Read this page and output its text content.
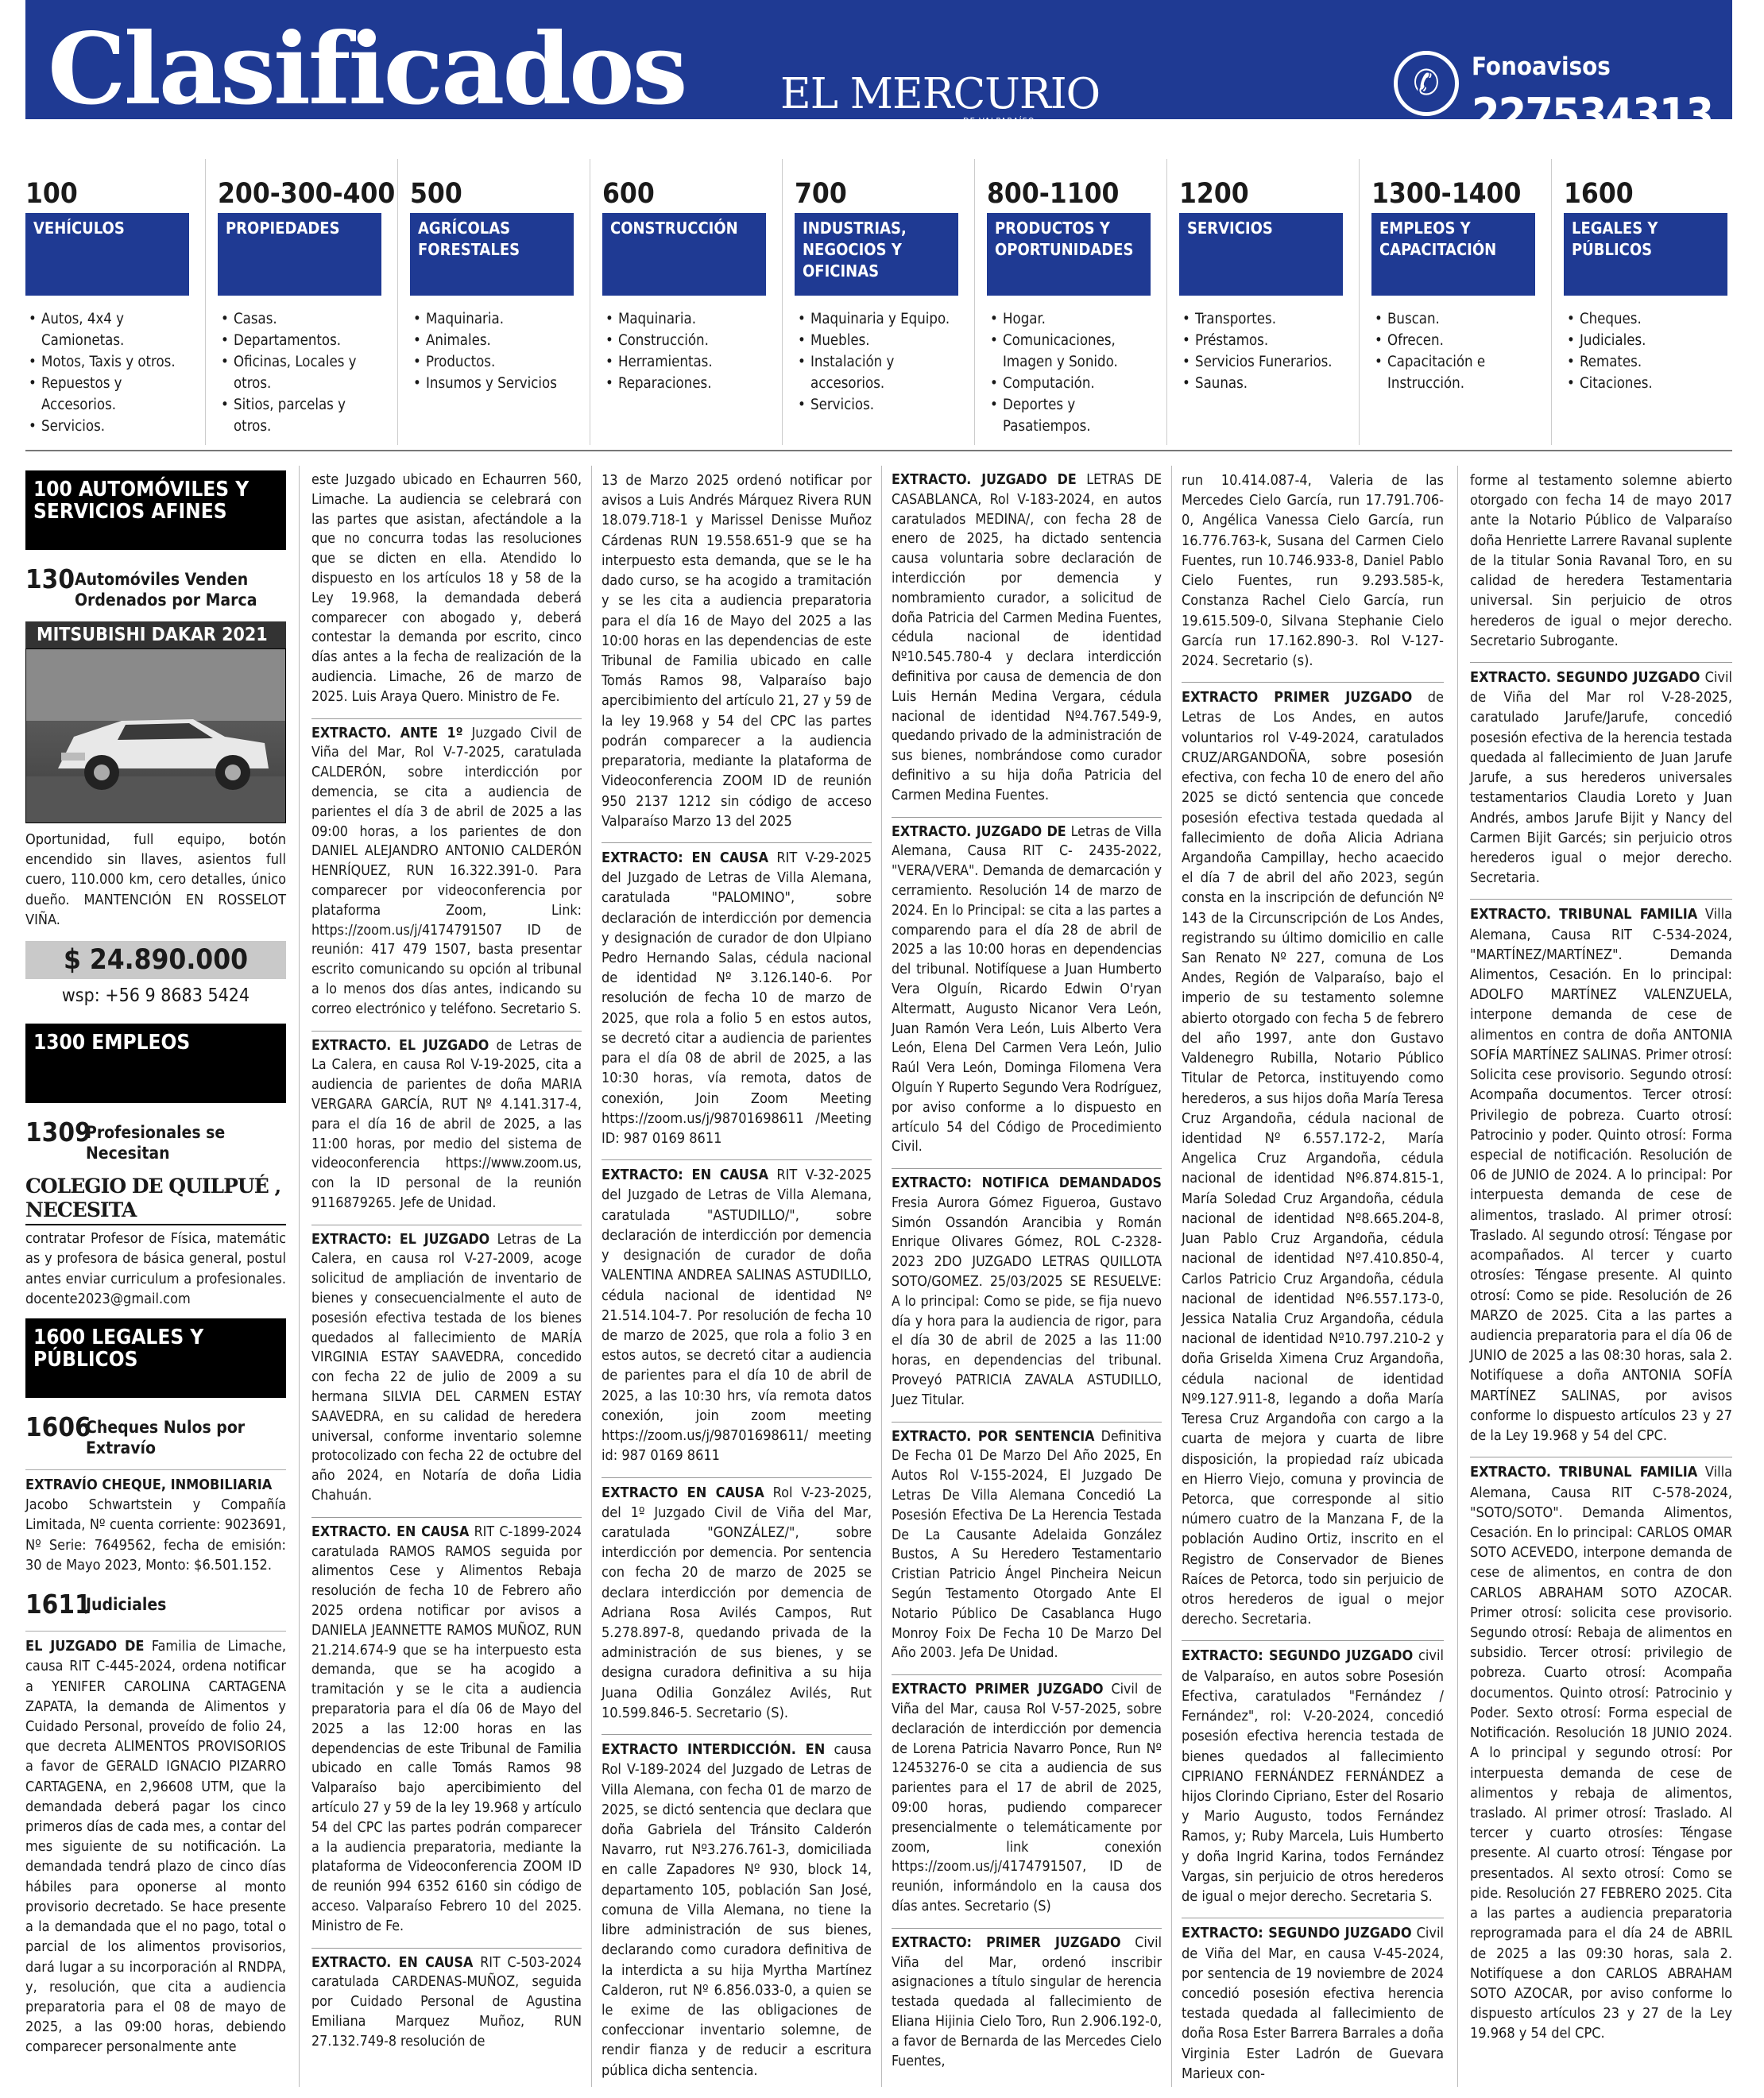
Clasificados EL MERCURIO
DE VALPARAÍSO
✆	Fonoavisos
227534313
100
VEHÍCULOS
• Autos, 4x4 y Camionetas.
• Motos, Taxis y otros.
• Repuestos y Accesorios.
• Servicios.
200-300-400
PROPIEDADES
• Casas.
• Departamentos.
• Oficinas, Locales y otros.
• Sitios, parcelas y otros.
500
AGRÍCOLAS FORESTALES
• Maquinaria.
• Animales.
• Productos.
• Insumos y Servicios
600
CONSTRUCCIÓN
• Maquinaria.
• Construcción.
• Herramientas.
• Reparaciones.
700
INDUSTRIAS, NEGOCIOS Y OFICINAS
• Maquinaria y Equipo.
• Muebles.
• Instalación y accesorios.
• Servicios.
800-1100
PRODUCTOS Y OPORTUNIDADES
• Hogar.
• Comunicaciones, Imagen y Sonido.
• Computación.
• Deportes y Pasatiempos.
1200
SERVICIOS
• Transportes.
• Préstamos.
• Servicios Funerarios.
• Saunas.
1300-1400
EMPLEOS Y CAPACITACIÓN
• Buscan.
• Ofrecen.
• Capacitación e Instrucción.
1600
LEGALES Y PÚBLICOS
• Cheques.
• Judiciales.
• Remates.
• Citaciones.
100 AUTOMÓVILES Y SERVICIOS AFINES
130 Automóviles Venden Ordenados por Marca
MITSUBISHI DAKAR 2021

Oportunidad, full equipo, botón encendido sin llaves, asientos full cuero, 110.000 km, cero detalles, único dueño. MANTENCIÓN EN ROSSELOT VIÑA.

$ 24.890.000
wsp: +56 9 8683 5424
1300 EMPLEOS
1309
Profesionales se Necesitan
COLEGIO DE QUILPUÉ , NECESITA

contratar Profesor de Física, matemáticas y profesora de básica general, postulantes enviar curriculum a profesionales.docente2023@gmail.com

1600 LEGALES Y PÚBLICOS
1606
Cheques Nulos por Extravío

EXTRAVÍO CHEQUE, INMOBILIARIA

Jacobo Schwartstein y Compañía Limitada, Nº cuenta corriente: 9023691, Nº Serie: 7649562, fecha de emisión: 30 de Mayo 2023, Monto: $6.501.152.

1611
Judiciales

EL JUZGADO DE Familia de Limache, causa RIT C-445-2024, ordena notificar a YENIFER CAROLINA CARTAGENA ZAPATA, la demanda de Alimentos y Cuidado Personal, proveído de folio 24, que decreta ALIMENTOS PROVISORIOS a favor de GERALD IGNACIO PIZARRO CARTAGENA, en 2,96608 UTM, que la demandada deberá pagar los cinco primeros días de cada mes, a contar del mes siguiente de su notificación. La demandada tendrá plazo de cinco días hábiles para oponerse al monto provisorio decretado. Se hace presente a la demandada que el no pago, total o parcial de los alimentos provisorios, dará lugar a su incorporación al RNDPA, y, resolución, que cita a audiencia preparatoria para el 08 de mayo de 2025, a las 09:00 horas, debiendo comparecer personalmente ante

este Juzgado ubicado en Echaurren 560, Limache. La audiencia se celebrará con las partes que asistan, afectándole a la que no concurra todas las resoluciones que se dicten en ella. Atendido lo dispuesto en los artículos 18 y 58 de la Ley 19.968, la demandada deberá comparecer con abogado y, deberá contestar la demanda por escrito, cinco días antes a la fecha de realización de la audiencia. Limache, 26 de marzo de 2025. Luis Araya Quero. Ministro de Fe.

EXTRACTO. ANTE 1º Juzgado Civil de Viña del Mar, Rol V-7-2025, caratulada CALDERÓN, sobre interdicción por demencia, se cita a audiencia de parientes el día 3 de abril de 2025 a las 09:00 horas, a los parientes de don DANIEL ALEJANDRO ANTONIO CALDERÓN HENRÍQUEZ, RUN 16.322.391-0. Para comparecer por videoconferencia por plataforma Zoom, Link: https://zoom.us/j/4174791507 ID de reunión: 417 479 1507, basta presentar escrito comunicando su opción al tribunal a lo menos dos días antes, indicando su correo electrónico y teléfono. Secretario S.

EXTRACTO. EL JUZGADO de Letras de La Calera, en causa Rol V-19-2025, cita a audiencia de parientes de doña MARIA VERGARA GARCÍA, RUT Nº 4.141.317-4, para el día 16 de abril de 2025, a las 11:00 horas, por medio del sistema de videoconferencia https://www.zoom.us, con la ID personal de la reunión 9116879265. Jefe de Unidad.

EXTRACTO: EL JUZGADO Letras de La Calera, en causa rol V-27-2009, acoge solicitud de ampliación de inventario de bienes y consecuencialmente el auto de posesión efectiva testada de los bienes quedados al fallecimiento de MARÍA VIRGINIA ESTAY SAAVEDRA, concedido con fecha 22 de julio de 2009 a su hermana SILVIA DEL CARMEN ESTAY SAAVEDRA, en su calidad de heredera universal, conforme inventario solemne protocolizado con fecha 22 de octubre del año 2024, en Notaría de doña Lidia Chahuán.

EXTRACTO. EN CAUSA RIT C-1899-2024 caratulada RAMOS RAMOS seguida por alimentos Cese y Alimentos Rebaja resolución de fecha 10 de Febrero año 2025 ordena notificar por avisos a DANIELA JEANNETTE RAMOS MUÑOZ, RUN 21.214.674-9 que se ha interpuesto esta demanda, que se ha acogido a tramitación y se le cita a audiencia preparatoria para el día 06 de Mayo del 2025 a las 12:00 horas en las dependencias de este Tribunal de Familia ubicado en calle Tomás Ramos 98 Valparaíso bajo apercibimiento del artículo 27 y 59 de la ley 19.968 y artículo 54 del CPC las partes podrán comparecer a la audiencia preparatoria, mediante la plataforma de Videoconferencia ZOOM ID de reunión 994 6352 6160 sin código de acceso. Valparaíso Febrero 10 del 2025. Ministro de Fe.

EXTRACTO. EN CAUSA RIT C-503-2024 caratulada CARDENAS-MUÑOZ, seguida por Cuidado Personal de Agustina Emiliana Marquez Muñoz, RUN 27.132.749-8 resolución de

13 de Marzo 2025 ordenó notificar por avisos a Luis Andrés Márquez Rivera RUN 18.079.718-1 y Marissel Denisse Muñoz Cárdenas RUN 19.558.651-9 que se ha interpuesto esta demanda, que se le ha dado curso, se ha acogido a tramitación y se les cita a audiencia preparatoria para el día 16 de Mayo del 2025 a las 10:00 horas en las dependencias de este Tribunal de Familia ubicado en calle Tomás Ramos 98, Valparaíso bajo apercibimiento del artículo 21, 27 y 59 de la ley 19.968 y 54 del CPC las partes podrán comparecer a la audiencia preparatoria, mediante la plataforma de Videoconferencia ZOOM ID de reunión 950 2137 1212 sin código de acceso Valparaíso Marzo 13 del 2025

EXTRACTO: EN CAUSA RIT V-29-2025 del Juzgado de Letras de Villa Alemana, caratulada "PALOMINO", sobre declaración de interdicción por demencia y designación de curador de don Ulpiano Pedro Hernando Salas, cédula nacional de identidad Nº 3.126.140-6. Por resolución de fecha 10 de marzo de 2025, que rola a folio 5 en estos autos, se decretó citar a audiencia de parientes para el día 08 de abril de 2025, a las 10:30 horas, vía remota, datos de conexión, Join Zoom Meeting https://zoom.us/j/98701698611 /Meeting ID: 987 0169 8611

EXTRACTO: EN CAUSA RIT V-32-2025 del Juzgado de Letras de Villa Alemana, caratulada "ASTUDILLO/", sobre declaración de interdicción por demencia y designación de curador de doña VALENTINA ANDREA SALINAS ASTUDILLO, cédula nacional de identidad Nº 21.514.104-7. Por resolución de fecha 10 de marzo de 2025, que rola a folio 3 en estos autos, se decretó citar a audiencia de parientes para el día 10 de abril de 2025, a las 10:30 hrs, vía remota datos conexión, join zoom meeting https://zoom.us/j/98701698611/ meeting id: 987 0169 8611

EXTRACTO EN CAUSA Rol V-23-2025, del 1º Juzgado Civil de Viña del Mar, caratulada "GONZÁLEZ/", sobre interdicción por demencia. Por sentencia con fecha 20 de marzo de 2025 se declara interdicción por demencia de Adriana Rosa Avilés Campos, Rut 5.278.897-8, quedando privada de la administración de sus bienes, y se designa curadora definitiva a su hija Juana Odilia González Avilés, Rut 10.599.846-5. Secretario (S).

EXTRACTO INTERDICCIÓN. EN causa Rol V-189-2024 del Juzgado de Letras de Villa Alemana, con fecha 01 de marzo de 2025, se dictó sentencia que declara que doña Gabriela del Tránsito Calderón Navarro, rut Nº3.276.761-3, domiciliada en calle Zapadores Nº 930, block 14, departamento 105, población San José, comuna de Villa Alemana, no tiene la libre administración de sus bienes, declarando como curadora definitiva de la interdicta a su hija Myrtha Martínez Calderon, rut Nº 6.856.033-0, a quien se le exime de las obligaciones de confeccionar inventario solemne, de rendir fianza y de reducir a escritura pública dicha sentencia.

EXTRACTO. JUZGADO DE LETRAS DE CASABLANCA, Rol V-183-2024, en autos caratulados MEDINA/, con fecha 28 de enero de 2025, ha dictado sentencia causa voluntaria sobre declaración de interdicción por demencia y nombramiento curador, a solicitud de doña Patricia del Carmen Medina Fuentes, cédula nacional de identidad Nº10.545.780-4 y declara interdicción definitiva por causa de demencia de don Luis Hernán Medina Vergara, cédula nacional de identidad Nº4.767.549-9, quedando privado de la administración de sus bienes, nombrándose como curador definitivo a su hija doña Patricia del Carmen Medina Fuentes.

EXTRACTO. JUZGADO DE Letras de Villa Alemana, Causa RIT C- 2435-2022, "VERA/VERA". Demanda de demarcación y cerramiento. Resolución 14 de marzo de 2024. En lo Principal: se cita a las partes a comparendo para el día 28 de abril de 2025 a las 10:00 horas en dependencias del tribunal. Notifíquese a Juan Humberto Vera Olguín, Ricardo Edwin O'ryan Altermatt, Augusto Nicanor Vera León, Juan Ramón Vera León, Luis Alberto Vera León, Elena Del Carmen Vera León, Julio Raúl Vera León, Dominga Filomena Vera Olguín Y Ruperto Segundo Vera Rodríguez, por aviso conforme a lo dispuesto en artículo 54 del Código de Procedimiento Civil.

EXTRACTO: NOTIFICA DEMANDADOS Fresia Aurora Gómez Figueroa, Gustavo Simón Ossandón Arancibia y Román Enrique Olivares Gómez, ROL C-2328-2023 2DO JUZGADO LETRAS QUILLOTA SOTO/GOMEZ. 25/03/2025 SE RESUELVE: A lo principal: Como se pide, se fija nuevo día y hora para la audiencia de rigor, para el día 30 de abril de 2025 a las 11:00 horas, en dependencias del tribunal. Proveyó PATRICIA ZAVALA ASTUDILLO, Juez Titular.

EXTRACTO. POR SENTENCIA Definitiva De Fecha 01 De Marzo Del Año 2025, En Autos Rol V-155-2024, El Juzgado De Letras De Villa Alemana Concedió La Posesión Efectiva De La Herencia Testada De La Causante Adelaida González Bustos, A Su Heredero Testamentario Cristian Patricio Ángel Pincheira Neicun Según Testamento Otorgado Ante El Notario Público De Casablanca Hugo Monroy Foix De Fecha 10 De Marzo Del Año 2003. Jefa De Unidad.

EXTRACTO PRIMER JUZGADO Civil de Viña del Mar, causa Rol V-57-2025, sobre declaración de interdicción por demencia de Lorena Patricia Navarro Ponce, Run Nº 12453276-0 se cita a audiencia de sus parientes para el 17 de abril de 2025, 09:00 horas, pudiendo comparecer presencialmente o telemáticamente por zoom, link conexión https://zoom.us/j/4174791507, ID de reunión, informándolo en la causa dos días antes. Secretario (S)

EXTRACTO: PRIMER JUZGADO Civil Viña del Mar, ordenó inscribir asignaciones a título singular de herencia testada quedada al fallecimiento de Eliana Hijinia Cielo Toro, Run 2.906.192-0, a favor de Bernarda de las Mercedes Cielo Fuentes,

run 10.414.087-4, Valeria de las Mercedes Cielo García, run 17.791.706-0, Angélica Vanessa Cielo García, run 16.776.763-k, Susana del Carmen Cielo Fuentes, run 10.746.933-8, Daniel Pablo Cielo Fuentes, run 9.293.585-k, Constanza Rachel Cielo García, run 19.615.509-0, Silvana Stephanie Cielo García run 17.162.890-3. Rol V-127-2024. Secretario (s).

EXTRACTO PRIMER JUZGADO de Letras de Los Andes, en autos voluntarios rol V-49-2024, caratulados CRUZ/ARGANDOÑA, sobre posesión efectiva, con fecha 10 de enero del año 2025 se dictó sentencia que concede posesión efectiva testada quedada al fallecimiento de doña Alicia Adriana Argandoña Campillay, hecho acaecido el día 7 de abril del año 2023, según consta en la inscripción de defunción Nº 143 de la Circunscripción de Los Andes, registrando su último domicilio en calle San Renato Nº 227, comuna de Los Andes, Región de Valparaíso, bajo el imperio de su testamento solemne abierto otorgado con fecha 5 de febrero del año 1997, ante don Gustavo Valdenegro Rubilla, Notario Público Titular de Petorca, instituyendo como herederos, a sus hijos doña María Teresa Cruz Argandoña, cédula nacional de identidad Nº 6.557.172-2, María Angelica Cruz Argandoña, cédula nacional de identidad Nº6.874.815-1, María Soledad Cruz Argandoña, cédula nacional de identidad Nº8.665.204-8, Juan Pablo Cruz Argandoña, cédula nacional de identidad Nº7.410.850-4, Carlos Patricio Cruz Argandoña, cédula nacional de identidad Nº6.557.173-0, Jessica Natalia Cruz Argandoña, cédula nacional de identidad Nº10.797.210-2 y doña Griselda Ximena Cruz Argandoña, cédula nacional de identidad Nº9.127.911-8, legando a doña María Teresa Cruz Argandoña con cargo a la cuarta de mejora y cuarta de libre disposición, la propiedad raíz ubicada en Hierro Viejo, comuna y provincia de Petorca, que corresponde al sitio número cuatro de la Manzana F, de la población Audino Ortiz, inscrito en el Registro de Conservador de Bienes Raíces de Petorca, todo sin perjuicio de otros herederos de igual o mejor derecho. Secretaria.

EXTRACTO: SEGUNDO JUZGADO civil de Valparaíso, en autos sobre Posesión Efectiva, caratulados "Fernández / Fernández", rol: V-20-2024, concedió posesión efectiva herencia testada de bienes quedados al fallecimiento CIPRIANO FERNÁNDEZ FERNÁNDEZ a hijos Clorindo Cipriano, Ester del Rosario y Mario Augusto, todos Fernández Ramos, y; Ruby Marcela, Luis Humberto y doña Ingrid Karina, todos Fernández Vargas, sin perjuicio de otros herederos de igual o mejor derecho. Secretaria S.

EXTRACTO: SEGUNDO JUZGADO Civil de Viña del Mar, en causa V-45-2024, por sentencia de 19 noviembre de 2024 concedió posesión efectiva herencia testada quedada al fallecimiento de doña Rosa Ester Barrera Barrales a doña Virginia Ester Ladrón de Guevara Marieux con-

forme al testamento solemne abierto otorgado con fecha 14 de mayo 2017 ante la Notario Público de Valparaíso doña Henriette Larrere Ravanal suplente de la titular Sonia Ravanal Toro, en su calidad de heredera Testamentaria universal. Sin perjuicio de otros herederos de igual o mejor derecho. Secretario Subrogante.

EXTRACTO. SEGUNDO JUZGADO Civil de Viña del Mar rol V-28-2025, caratulado Jarufe/Jarufe, concedió posesión efectiva de la herencia testada quedada al fallecimiento de Juan Jarufe Jarufe, a sus herederos universales testamentarios Claudia Loreto y Juan Andrés, ambos Jarufe Bijit y Nancy del Carmen Bijit Garcés; sin perjuicio otros herederos igual o mejor derecho. Secretaria.

EXTRACTO. TRIBUNAL FAMILIA Villa Alemana, Causa RIT C-534-2024, "MARTÍNEZ/MARTÍNEZ". Demanda Alimentos, Cesación. En lo principal: ADOLFO MARTÍNEZ VALENZUELA, interpone demanda de cese de alimentos en contra de doña ANTONIA SOFÍA MARTÍNEZ SALINAS. Primer otrosí: Solicita cese provisorio. Segundo otrosí: Acompaña documentos. Tercer otrosí: Privilegio de pobreza. Cuarto otrosí: Patrocinio y poder. Quinto otrosí: Forma especial de notificación. Resolución de 06 de JUNIO de 2024. A lo principal: Por interpuesta demanda de cese de alimentos, traslado. Al primer otrosí: Traslado. Al segundo otrosí: Téngase por acompañados. Al tercer y cuarto otrosíes: Téngase presente. Al quinto otrosí: Como se pide. Resolución de 26 MARZO de 2025. Cita a las partes a audiencia preparatoria para el día 06 de JUNIO de 2025 a las 08:30 horas, sala 2. Notifíquese a doña ANTONIA SOFÍA MARTÍNEZ SALINAS, por avisos conforme lo dispuesto artículos 23 y 27 de la Ley 19.968 y 54 del CPC.

EXTRACTO. TRIBUNAL FAMILIA Villa Alemana, Causa RIT C-578-2024, "SOTO/SOTO". Demanda Alimentos, Cesación. En lo principal: CARLOS OMAR SOTO ACEVEDO, interpone demanda de cese de alimentos, en contra de don CARLOS ABRAHAM SOTO AZOCAR. Primer otrosí: solicita cese provisorio. Segundo otrosí: Rebaja de alimentos en subsidio. Tercer otrosí: privilegio de pobreza. Cuarto otrosí: Acompaña documentos. Quinto otrosí: Patrocinio y Poder. Sexto otrosí: Forma especial de Notificación. Resolución 18 JUNIO 2024. A lo principal y segundo otrosí: Por interpuesta demanda de cese de alimentos y rebaja de alimentos, traslado. Al primer otrosí: Traslado. Al tercer y cuarto otrosíes: Téngase presente. Al cuarto otrosí: Téngase por presentados. Al sexto otrosí: Como se pide. Resolución 27 FEBRERO 2025. Cita a las partes a audiencia preparatoria reprogramada para el día 24 de ABRIL de 2025 a las 09:30 horas, sala 2. Notifíquese a don CARLOS ABRAHAM SOTO AZOCAR, por aviso conforme lo dispuesto artículos 23 y 27 de la Ley 19.968 y 54 del CPC.
